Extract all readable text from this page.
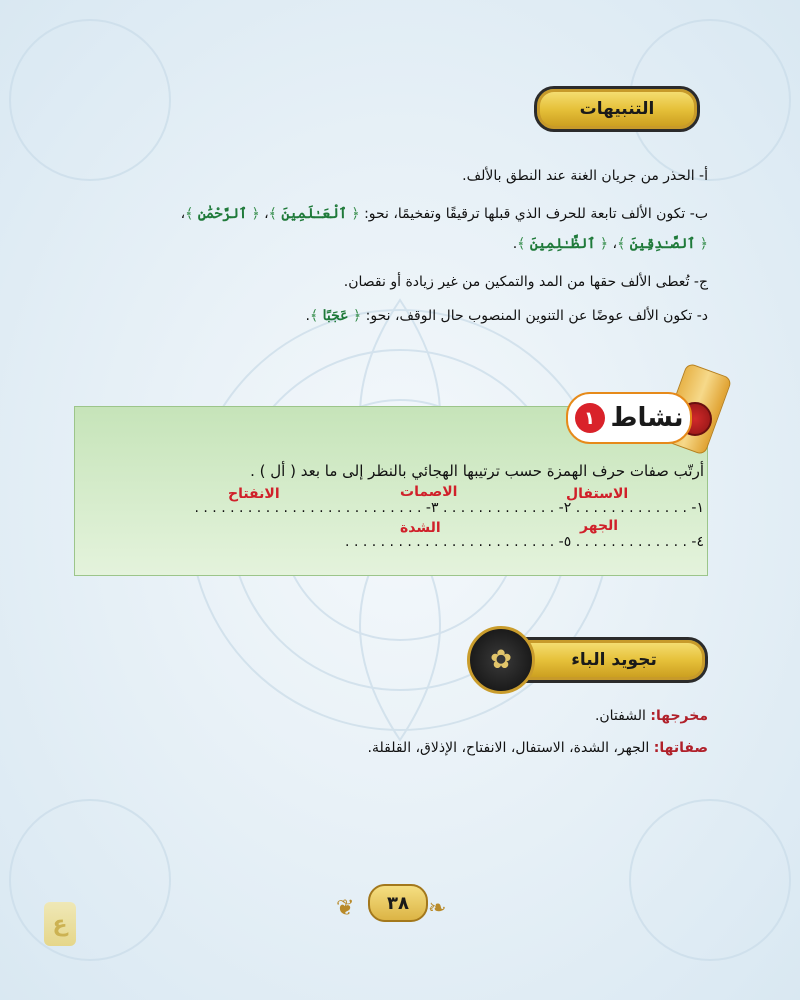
التنبيهات
أ- الحذر من جريان الغنة عند النطق بالألف.
ب- تكون الألف تابعة للحرف الذي قبلها ترقيقًا وتفخيمًا، نحو: ﴿ ٱلْعَـٰلَمِينَ ﴾، ﴿ ٱلرَّحْمَٰنِ ﴾،
﴿ ٱلصَّـٰدِقِينَ ﴾، ﴿ ٱلظَّـٰلِمِينَ ﴾.
ج- تُعطى الألف حقها من المد والتمكين من غير زيادة أو نقصان.
د- تكون الألف عوضًا عن التنوين المنصوب حال الوقف، نحو: ﴿ عَجَبًا ﴾.
نشاط
١
أرتّب صفات حرف الهمزة حسب ترتيبها الهجائي بالنظر إلى ما بعد ( أل ) .
١- . . . . . . . . . . . . . ٢- . . . . . . . . . . . . . ٣- . . . . . . . . . . . . . . . . . . . . . . . . . .
٤- . . . . . . . . . . . . . ٥- . . . . . . . . . . . . . . . . . . . . . . . .
الاستفال
الاصمات
الانفتاح
الجهر
الشدة
تجويد الباء
✿
مخرجها: الشفتان.
صفاتها: الجهر، الشدة، الاستفال، الانفتاح، الإذلاق، القلقلة.
❦	٣٨ ❧
ع
